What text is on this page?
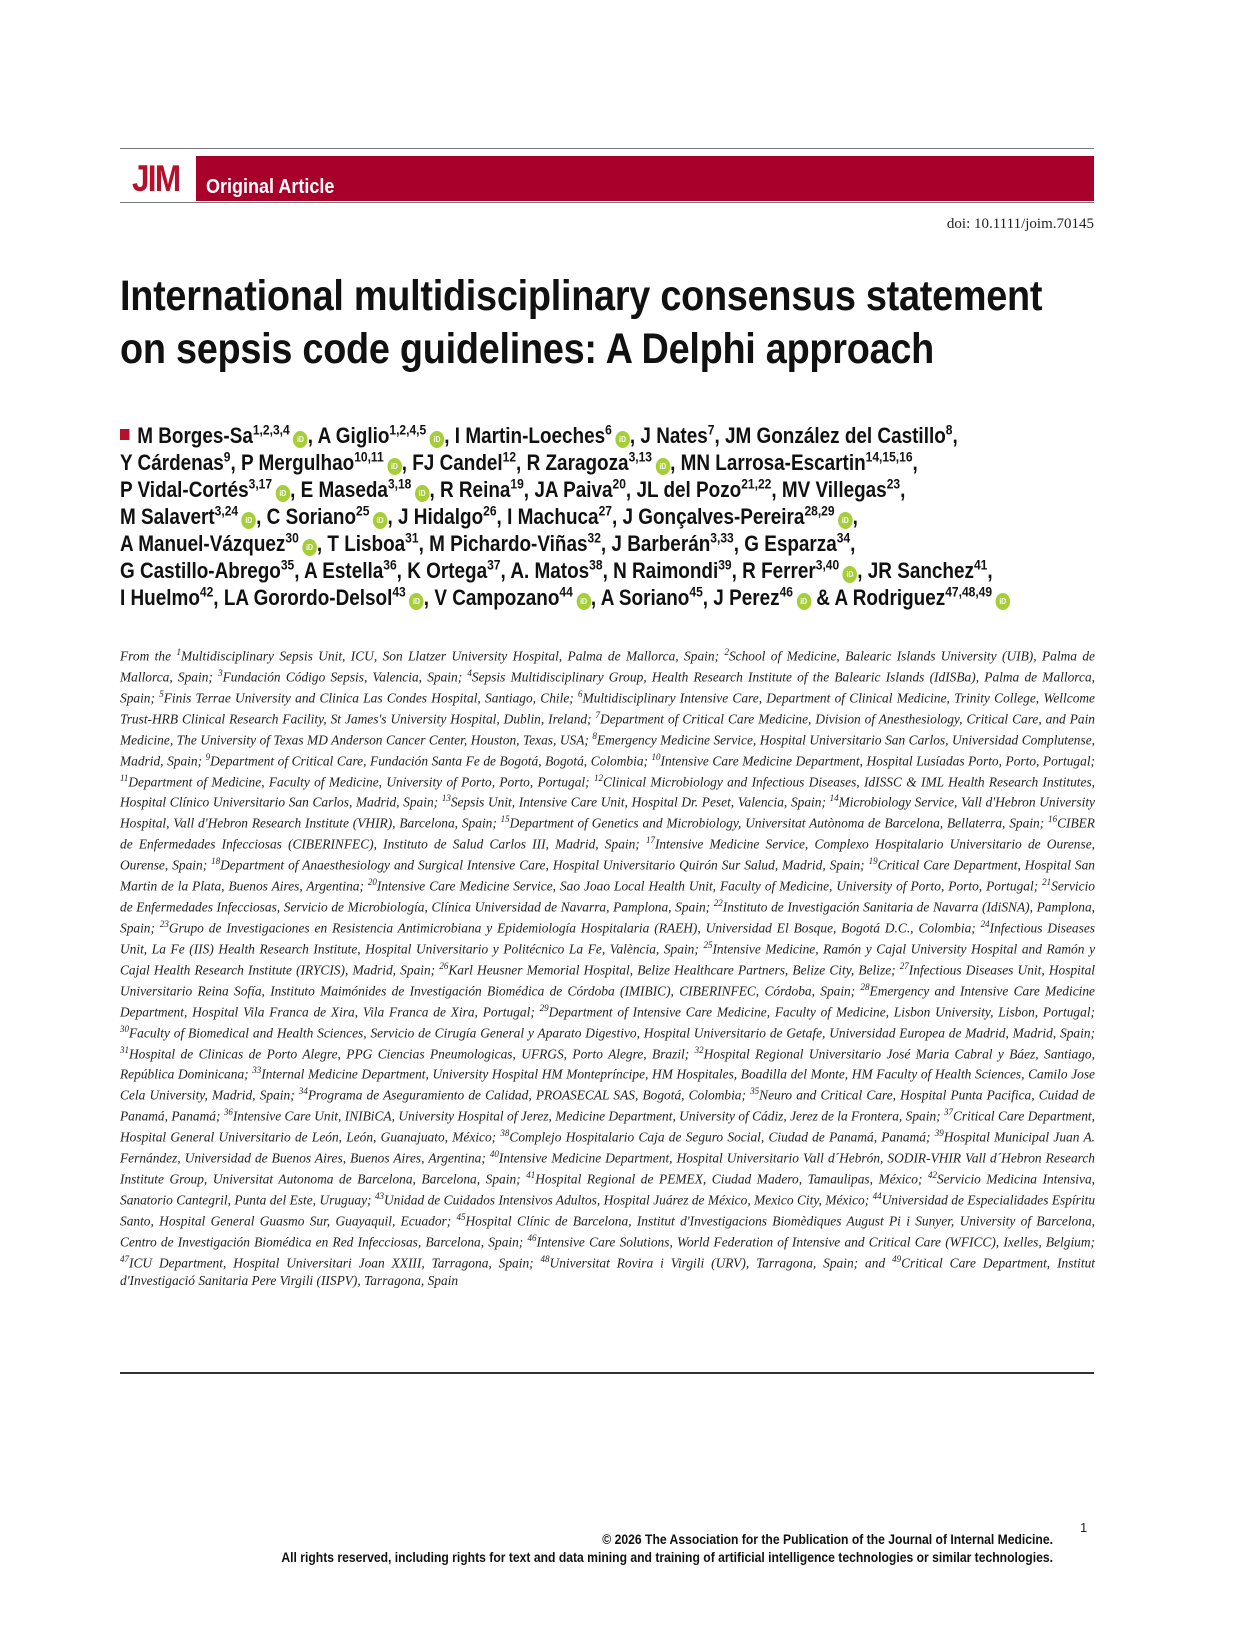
JIM Original Article
doi: 10.1111/joim.70145
International multidisciplinary consensus statement
on sepsis code guidelines: A Delphi approach
M Borges-Sa$^{1,2,3,4}$iD , A Giglio$^{1,2,4,5}$iD , I Martin-Loeches$^6$iD , J Nates$^7$, JM González del Castillo$^8$,
Y Cárdenas$^9$, P Mergulhao$^{10,11}$iD , FJ Candel$^{12}$, R Zaragoza$^{3,13}$iD , MN Larrosa-Escartin$^{14,15,16}$,
P Vidal-Cortés$^{3,17}$iD , E Maseda$^{3,18}$iD , R Reina$^{19}$, JA Paiva$^{20}$, JL del Pozo$^{21,22}$, MV Villegas$^{23}$,
M Salavert$^{3,24}$iD , C Soriano$^{25}$iD , J Hidalgo$^{26}$, I Machuca$^{27}$, J Gonçalves-Pereira$^{28,29}$iD ,
A Manuel-Vázquez$^{30}$iD , T Lisboa$^{31}$, M Pichardo-Viñas$^{32}$, J Barberán$^{3,33}$, G Esparza$^{34}$,
G Castillo-Abrego$^{35}$, A Estella$^{36}$, K Ortega$^{37}$, A. Matos$^{38}$, N Raimondi$^{39}$, R Ferrer$^{3,40}$iD , JR Sanchez$^{41}$,
I Huelmo$^{42}$, LA Gorordo-Delsol$^{43}$iD , V Campozano$^{44}$iD , A Soriano$^{45}$, J Perez$^{46}$iD & A Rodriguez$^{47,48,49}$iD

From the $^1$Multidisciplinary Sepsis Unit, ICU, Son Llatzer University Hospital, Palma de Mallorca, Spain; $^2$School of Medicine, Balearic Islands University (UIB), Palma de Mallorca, Spain; $^3$Fundación Código Sepsis, Valencia, Spain; $^4$Sepsis Multidisciplinary Group, Health Research Institute of the Balearic Islands (IdISBa), Palma de Mallorca, Spain; $^5$Finis Terrae University and Clinica Las Condes Hospital, Santiago, Chile; $^6$Multidisciplinary Intensive Care, Department of Clinical Medicine, Trinity College, Wellcome Trust-HRB Clinical Research Facility, St James's University Hospital, Dublin, Ireland; $^7$Department of Critical Care Medicine, Division of Anesthesiology, Critical Care, and Pain Medicine, The University of Texas MD Anderson Cancer Center, Houston, Texas, USA; $^8$Emergency Medicine Service, Hospital Universitario San Carlos, Universidad Complutense, Madrid, Spain; $^9$Department of Critical Care, Fundación Santa Fe de Bogotá, Bogotá, Colombia; $^{10}$Intensive Care Medicine Department, Hospital Lusíadas Porto, Porto, Portugal; $^{11}$Department of Medicine, Faculty of Medicine, University of Porto, Porto, Portugal; $^{12}$Clinical Microbiology and Infectious Diseases, IdISSC & IML Health Research Institutes, Hospital Clínico Universitario San Carlos, Madrid, Spain; $^{13}$Sepsis Unit, Intensive Care Unit, Hospital Dr. Peset, Valencia, Spain; $^{14}$Microbiology Service, Vall d'Hebron University Hospital, Vall d'Hebron Research Institute (VHIR), Barcelona, Spain; $^{15}$Department of Genetics and Microbiology, Universitat Autònoma de Barcelona, Bellaterra, Spain; $^{16}$CIBER de Enfermedades Infecciosas (CIBERINFEC), Instituto de Salud Carlos III, Madrid, Spain; $^{17}$Intensive Medicine Service, Complexo Hospitalario Universitario de Ourense, Ourense, Spain; $^{18}$Department of Anaesthesiology and Surgical Intensive Care, Hospital Universitario Quirón Sur Salud, Madrid, Spain; $^{19}$Critical Care Department, Hospital San Martin de la Plata, Buenos Aires, Argentina; $^{20}$Intensive Care Medicine Service, Sao Joao Local Health Unit, Faculty of Medicine, University of Porto, Porto, Portugal; $^{21}$Servicio de Enfermedades Infecciosas, Servicio de Microbiología, Clínica Universidad de Navarra, Pamplona, Spain; $^{22}$Instituto de Investigación Sanitaria de Navarra (IdiSNA), Pamplona, Spain; $^{23}$Grupo de Investigaciones en Resistencia Antimicrobiana y Epidemiología Hospitalaria (RAEH), Universidad El Bosque, Bogotá D.C., Colombia; $^{24}$Infectious Diseases Unit, La Fe (IIS) Health Research Institute, Hospital Universitario y Politécnico La Fe, València, Spain; $^{25}$Intensive Medicine, Ramón y Cajal University Hospital and Ramón y Cajal Health Research Institute (IRYCIS), Madrid, Spain; $^{26}$Karl Heusner Memorial Hospital, Belize Healthcare Partners, Belize City, Belize; $^{27}$Infectious Diseases Unit, Hospital Universitario Reina Sofía, Instituto Maimónides de Investigación Biomédica de Córdoba (IMIBIC), CIBERINFEC, Córdoba, Spain; $^{28}$Emergency and Intensive Care Medicine Department, Hospital Vila Franca de Xira, Vila Franca de Xira, Portugal; $^{29}$Department of Intensive Care Medicine, Faculty of Medicine, Lisbon University, Lisbon, Portugal; $^{30}$Faculty of Biomedical and Health Sciences, Servicio de Cirugía General y Aparato Digestivo, Hospital Universitario de Getafe, Universidad Europea de Madrid, Madrid, Spain; $^{31}$Hospital de Clinicas de Porto Alegre, PPG Ciencias Pneumologicas, UFRGS, Porto Alegre, Brazil; $^{32}$Hospital Regional Universitario José Maria Cabral y Báez, Santiago, República Dominicana; $^{33}$Internal Medicine Department, University Hospital HM Montepríncipe, HM Hospitales, Boadilla del Monte, HM Faculty of Health Sciences, Camilo Jose Cela University, Madrid, Spain; $^{34}$Programa de Aseguramiento de Calidad, PROASECAL SAS, Bogotá, Colombia; $^{35}$Neuro and Critical Care, Hospital Punta Pacifica, Cuidad de Panamá, Panamá; $^{36}$Intensive Care Unit, INIBiCA, University Hospital of Jerez, Medicine Department, University of Cádiz, Jerez de la Frontera, Spain; $^{37}$Critical Care Department, Hospital General Universitario de León, León, Guanajuato, México; $^{38}$Complejo Hospitalario Caja de Seguro Social, Ciudad de Panamá, Panamá; $^{39}$Hospital Municipal Juan A. Fernández, Universidad de Buenos Aires, Buenos Aires, Argentina; $^{40}$Intensive Medicine Department, Hospital Universitario Vall d´Hebrón, SODIR-VHIR Vall d´Hebron Research Institute Group, Universitat Autonoma de Barcelona, Barcelona, Spain; $^{41}$Hospital Regional de PEMEX, Ciudad Madero, Tamaulipas, México; $^{42}$Servicio Medicina Intensiva, Sanatorio Cantegril, Punta del Este, Uruguay; $^{43}$Unidad de Cuidados Intensivos Adultos, Hospital Juárez de México, Mexico City, México; $^{44}$Universidad de Especialidades Espíritu Santo, Hospital General Guasmo Sur, Guayaquil, Ecuador; $^{45}$Hospital Clínic de Barcelona, Institut d'Investigacions Biomèdiques August Pi i Sunyer, University of Barcelona, Centro de Investigación Biomédica en Red Infecciosas, Barcelona, Spain; $^{46}$Intensive Care Solutions, World Federation of Intensive and Critical Care (WFICC), Ixelles, Belgium; $^{47}$ICU Department, Hospital Universitari Joan XXIII, Tarragona, Spain; $^{48}$Universitat Rovira i Virgili (URV), Tarragona, Spain; and $^{49}$Critical Care Department, Institut d'Investigació Sanitaria Pere Virgili (IISPV), Tarragona, Spain

1
© 2026 The Association for the Publication of the Journal of Internal Medicine.
All rights reserved, including rights for text and data mining and training of artificial intelligence technologies or similar technologies.
